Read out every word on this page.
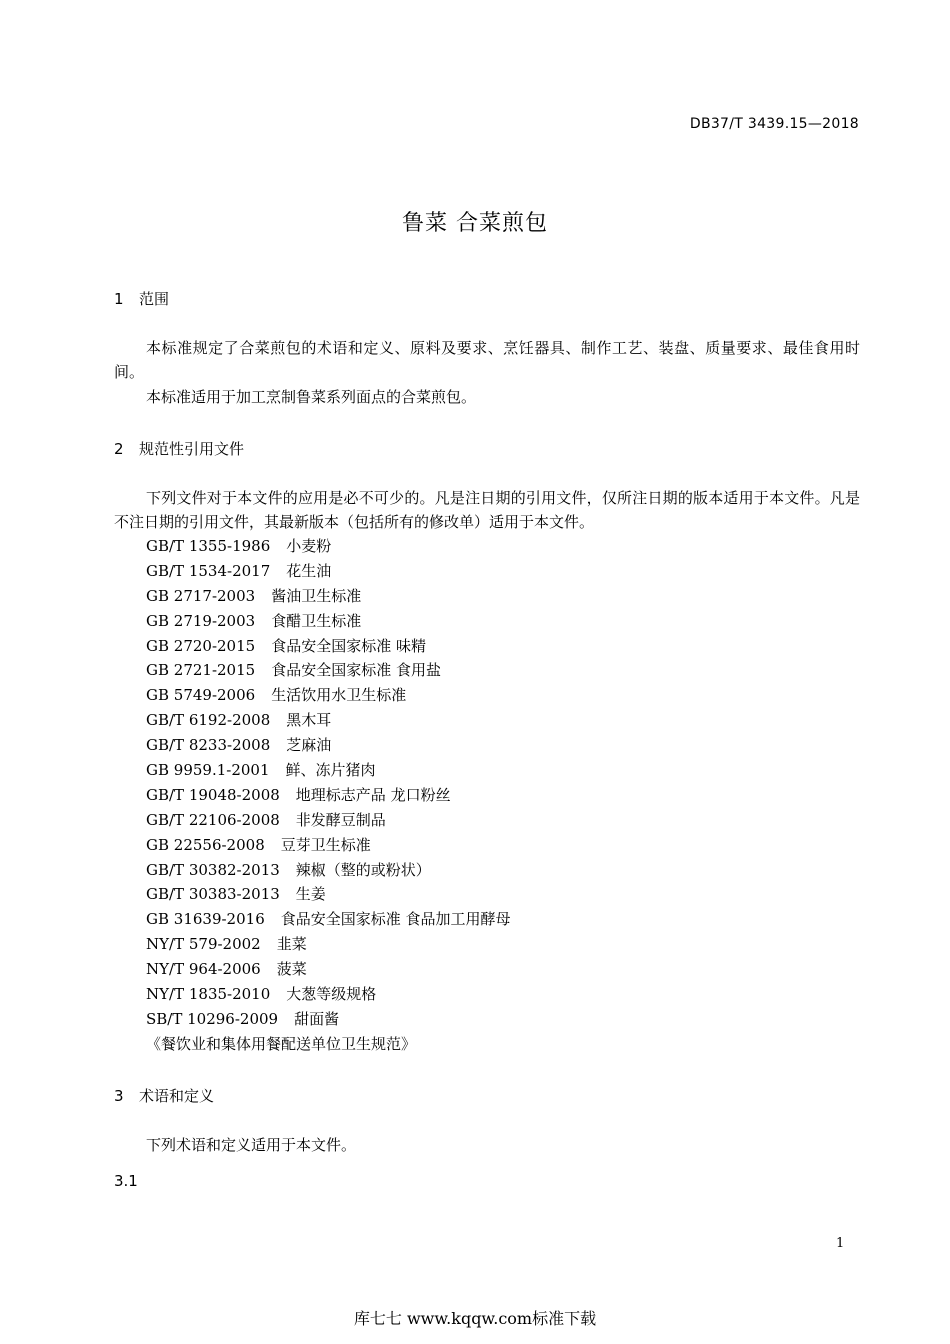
DB37/T 3439.15—2018
鲁菜 合菜煎包
1 范围
本标准规定了合菜煎包的术语和定义、原料及要求、烹饪器具、制作工艺、装盘、质量要求、最佳食用时间。
本标准适用于加工烹制鲁菜系列面点的合菜煎包。
2 规范性引用文件
下列文件对于本文件的应用是必不可少的。凡是注日期的引用文件，仅所注日期的版本适用于本文件。凡是不注日期的引用文件，其最新版本（包括所有的修改单）适用于本文件。
GB/T 1355-1986 小麦粉
GB/T 1534-2017 花生油
GB 2717-2003 酱油卫生标准
GB 2719-2003 食醋卫生标准
GB 2720-2015 食品安全国家标准 味精
GB 2721-2015 食品安全国家标准 食用盐
GB 5749-2006 生活饮用水卫生标准
GB/T 6192-2008 黑木耳
GB/T 8233-2008 芝麻油
GB 9959.1-2001 鲜、冻片猪肉
GB/T 19048-2008 地理标志产品 龙口粉丝
GB/T 22106-2008 非发酵豆制品
GB 22556-2008 豆芽卫生标准
GB/T 30382-2013 辣椒（整的或粉状）
GB/T 30383-2013 生姜
GB 31639-2016 食品安全国家标准 食品加工用酵母
NY/T 579-2002 韭菜
NY/T 964-2006 菠菜
NY/T 1835-2010 大葱等级规格
SB/T 10296-2009 甜面酱
《餐饮业和集体用餐配送单位卫生规范》
3 术语和定义
下列术语和定义适用于本文件。
3.1
1
库七七 www.kqqw.com标准下载
